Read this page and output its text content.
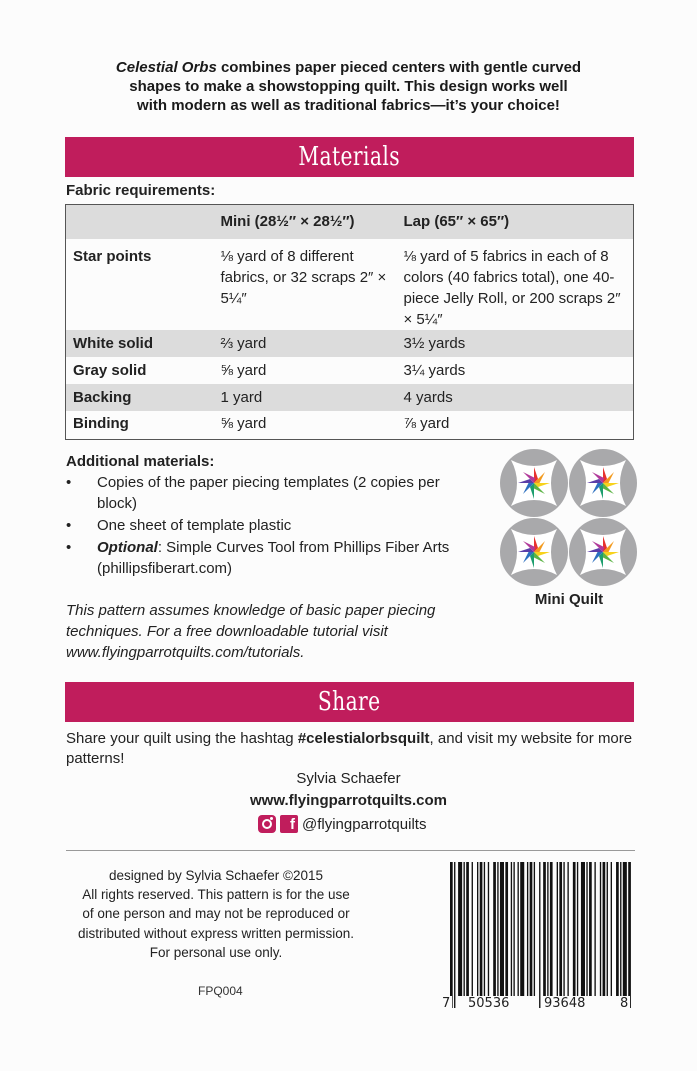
Celestial Orbs combines paper pieced centers with gentle curved
shapes to make a showstopping quilt. This design works well
with modern as well as traditional fabrics—it’s your choice!
Materials
Fabric requirements:
	Mini (28½″ × 28½″)	Lap (65″ × 65″)
Star points	⅛ yard of 8 different fabrics, or 32 scraps 2″ × 5¼″	⅛ yard of 5 fabrics in each of 8 colors (40 fabrics total), one 40-piece Jelly Roll, or 200 scraps 2″ × 5¼″
White solid	⅔ yard	3½ yards
Gray solid	⅝ yard	3¼ yards
Backing	1 yard	4 yards
Binding	⅝ yard	⅞ yard
Additional materials:
• Copies of the paper piecing templates (2 copies per block)
• One sheet of template plastic
• Optional: Simple Curves Tool from Phillips Fiber Arts (phillipsfiberart.com)
Mini Quilt
This pattern assumes knowledge of basic paper piecing techniques. For a free downloadable tutorial visit www.flyingparrotquilts.com/tutorials.
Share
Share your quilt using the hashtag #celestialorbsquilt, and visit my website for more patterns!
Sylvia Schaefer
www.flyingparrotquilts.com
f @flyingparrotquilts
designed by Sylvia Schaefer ©2015
All rights reserved. This pattern is for the use
of one person and may not be reproduced or
distributed without express written permission.
For personal use only.
FPQ004
7 50536	93648	8
